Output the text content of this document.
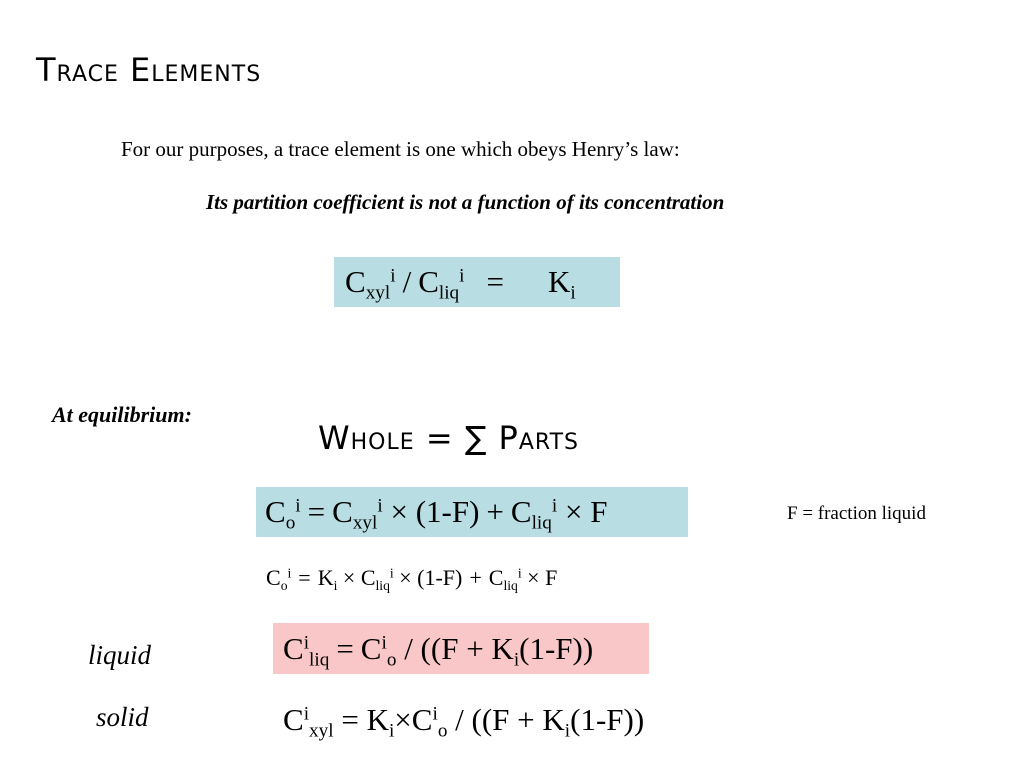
Trace Elements
For our purposes, a trace element is one which obeys Henry’s law:
Its partition coefficient is not a function of its concentration
$C_{xyl}^i / C_{liq}^i = K_i$
At equilibrium:
Whole = ∑ Parts
$C_o^i = C_{xyl}^i \times (1-F) + C_{liq}^i \times F$	F = fraction liquid
$C_o^i = K_i \times C_{liq}^i \times (1-F) + C_{liq}^i \times F$
liquid	$C^i_{liq} = C^i_o / ((F + K_i(1-F))$
solid	$C^i_{xyl} = K_i\times C^i_o / ((F + K_i(1-F))$
